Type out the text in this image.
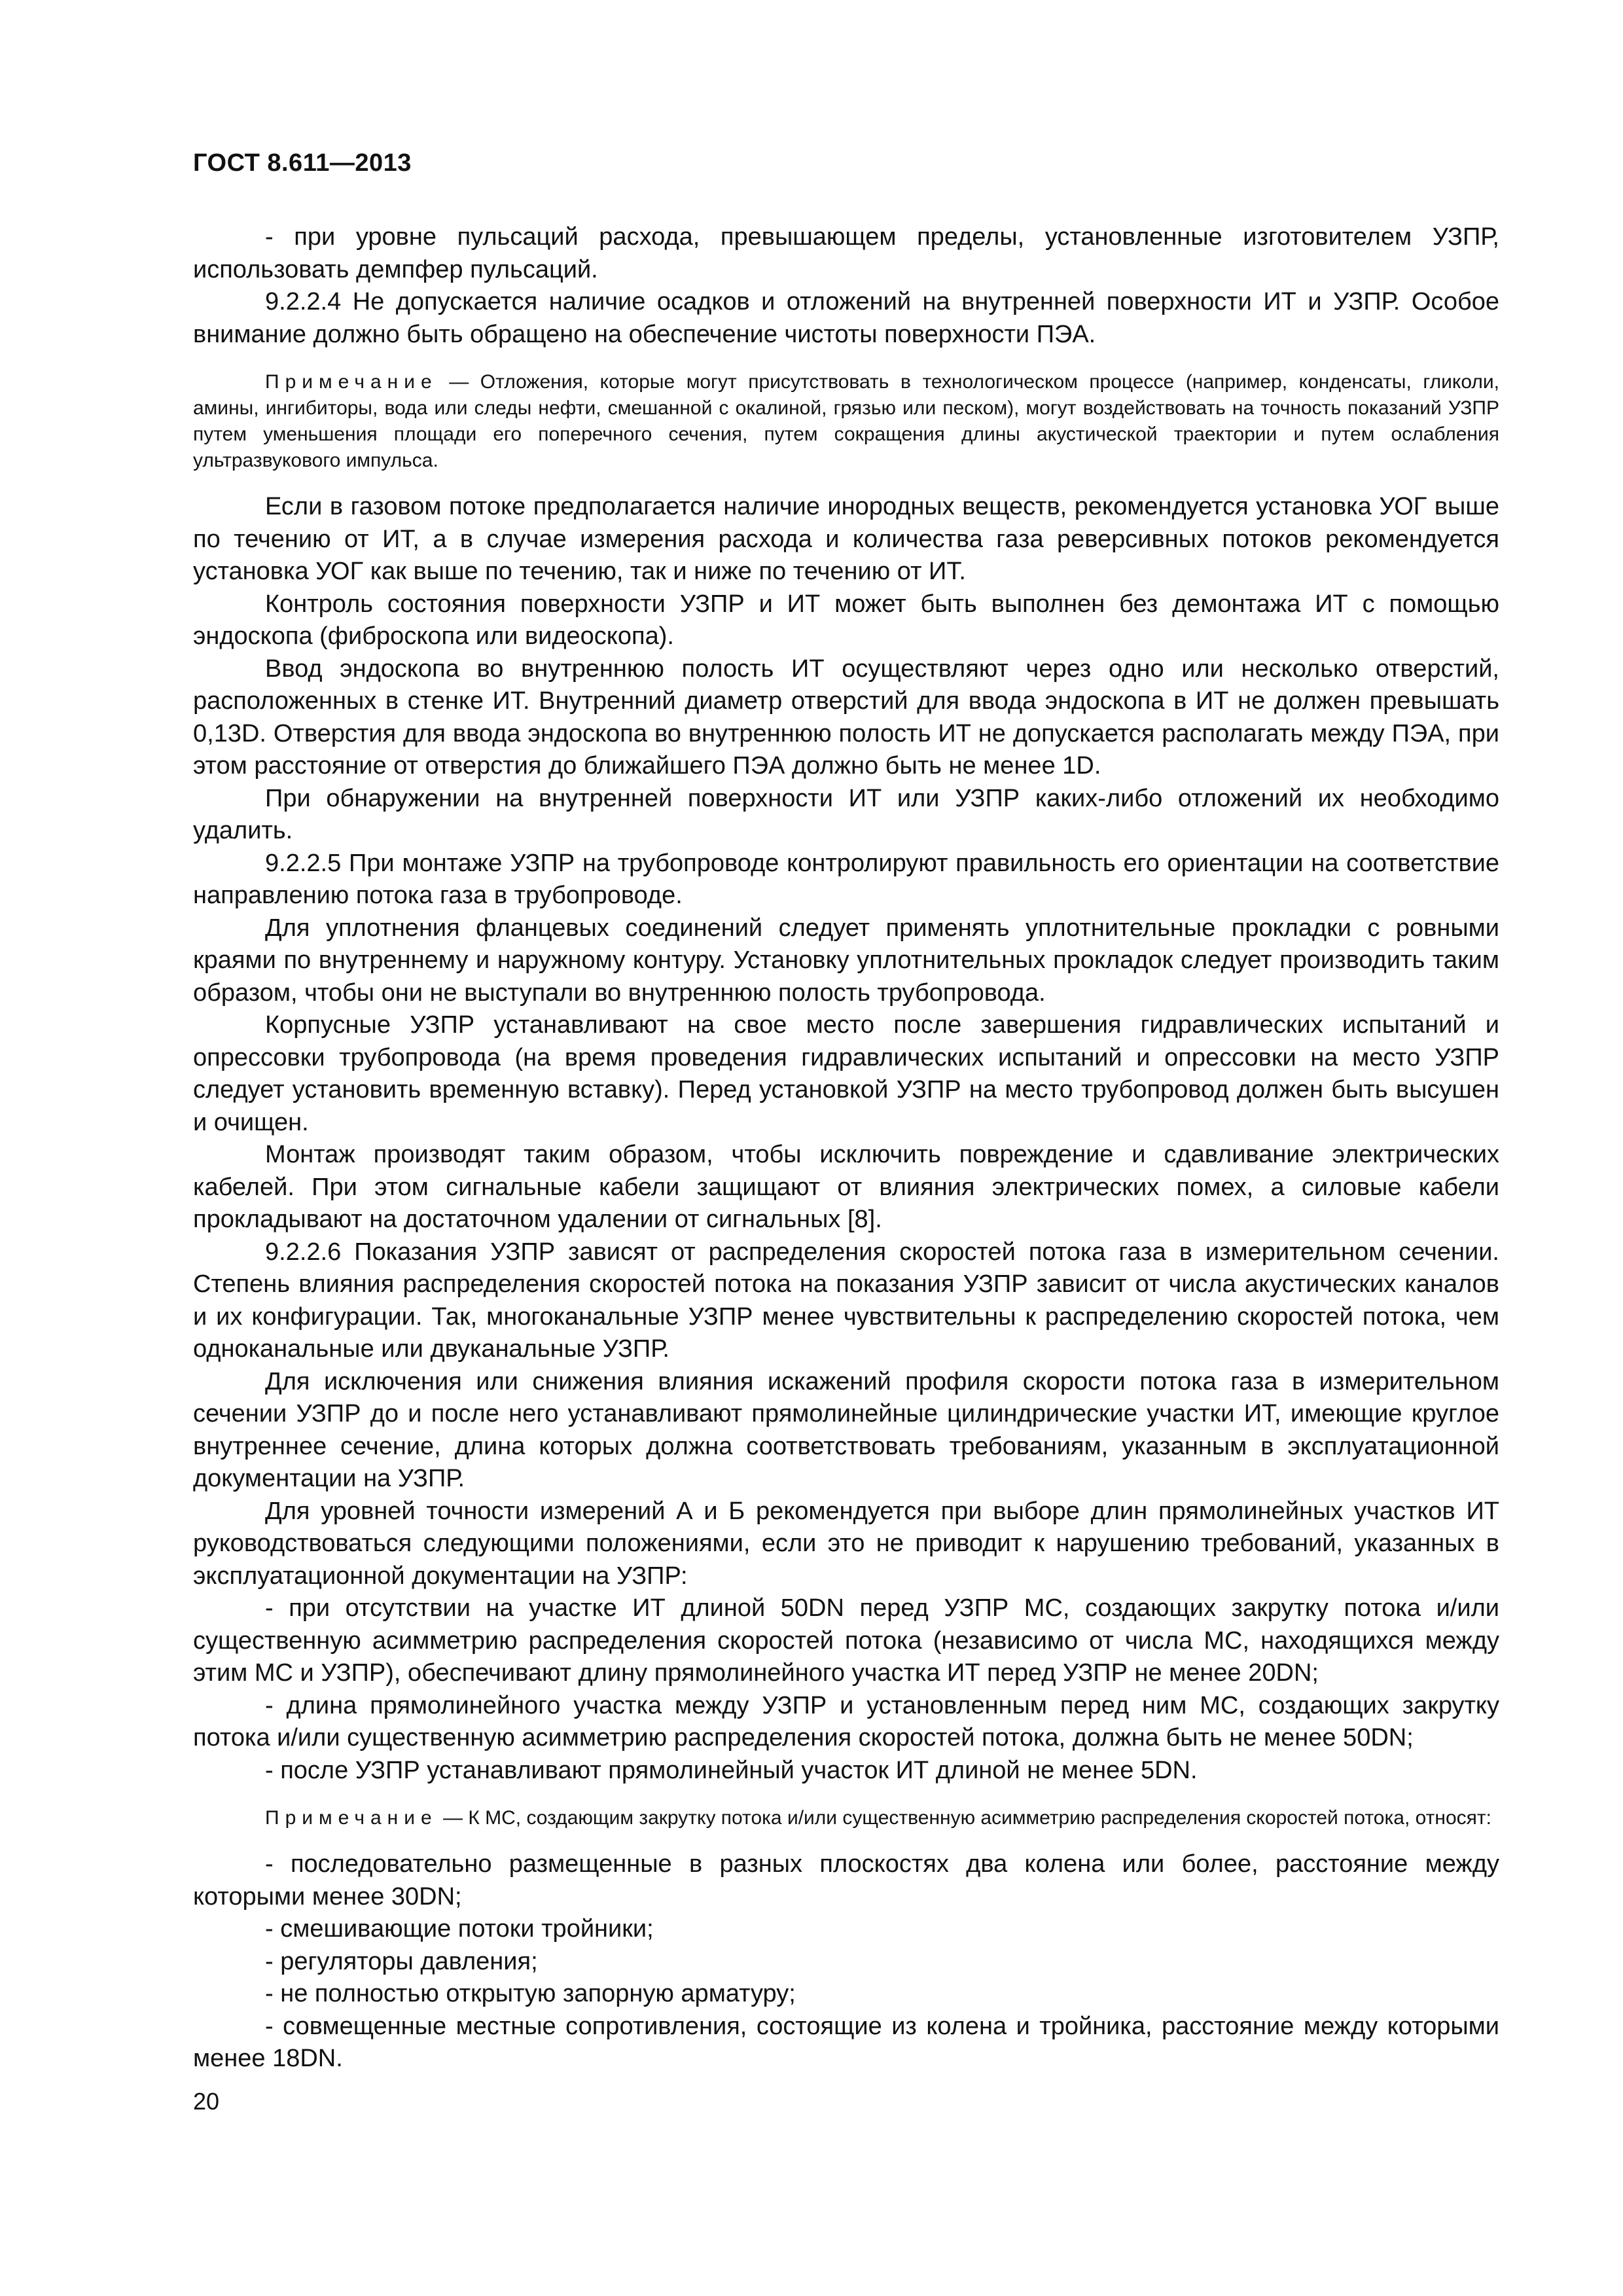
ГОСТ 8.611—2013

- при уровне пульсаций расхода, превышающем пределы, установленные изготовителем УЗПР, использовать демпфер пульсаций.

9.2.2.4 Не допускается наличие осадков и отложений на внутренней поверхности ИТ и УЗПР. Особое внимание должно быть обращено на обеспечение чистоты поверхности ПЭА.

Примечание — Отложения, которые могут присутствовать в технологическом процессе (например, конденсаты, гликоли, амины, ингибиторы, вода или следы нефти, смешанной с окалиной, грязью или песком), могут воздействовать на точность показаний УЗПР путем уменьшения площади его поперечного сечения, путем сокращения длины акустической траектории и путем ослабления ультразвукового импульса.

Если в газовом потоке предполагается наличие инородных веществ, рекомендуется установка УОГ выше по течению от ИТ, а в случае измерения расхода и количества газа реверсивных потоков рекомендуется установка УОГ как выше по течению, так и ниже по течению от ИТ.

Контроль состояния поверхности УЗПР и ИТ может быть выполнен без демонтажа ИТ с помощью эндоскопа (фиброскопа или видеоскопа).

Ввод эндоскопа во внутреннюю полость ИТ осуществляют через одно или несколько отверстий, расположенных в стенке ИТ. Внутренний диаметр отверстий для ввода эндоскопа в ИТ не должен превышать 0,13D. Отверстия для ввода эндоскопа во внутреннюю полость ИТ не допускается располагать между ПЭА, при этом расстояние от отверстия до ближайшего ПЭА должно быть не менее 1D.

При обнаружении на внутренней поверхности ИТ или УЗПР каких-либо отложений их необходимо удалить.

9.2.2.5 При монтаже УЗПР на трубопроводе контролируют правильность его ориентации на соответствие направлению потока газа в трубопроводе.

Для уплотнения фланцевых соединений следует применять уплотнительные прокладки с ровными краями по внутреннему и наружному контуру. Установку уплотнительных прокладок следует производить таким образом, чтобы они не выступали во внутреннюю полость трубопровода.

Корпусные УЗПР устанавливают на свое место после завершения гидравлических испытаний и опрессовки трубопровода (на время проведения гидравлических испытаний и опрессовки на место УЗПР следует установить временную вставку). Перед установкой УЗПР на место трубопровод должен быть высушен и очищен.

Монтаж производят таким образом, чтобы исключить повреждение и сдавливание электрических кабелей. При этом сигнальные кабели защищают от влияния электрических помех, а силовые кабели прокладывают на достаточном удалении от сигнальных [8].

9.2.2.6 Показания УЗПР зависят от распределения скоростей потока газа в измерительном сечении. Степень влияния распределения скоростей потока на показания УЗПР зависит от числа акустических каналов и их конфигурации. Так, многоканальные УЗПР менее чувствительны к распределению скоростей потока, чем одноканальные или двуканальные УЗПР.

Для исключения или снижения влияния искажений профиля скорости потока газа в измерительном сечении УЗПР до и после него устанавливают прямолинейные цилиндрические участки ИТ, имеющие круглое внутреннее сечение, длина которых должна соответствовать требованиям, указанным в эксплуатационной документации на УЗПР.

Для уровней точности измерений А и Б рекомендуется при выборе длин прямолинейных участков ИТ руководствоваться следующими положениями, если это не приводит к нарушению требований, указанных в эксплуатационной документации на УЗПР:

- при отсутствии на участке ИТ длиной 50DN перед УЗПР МС, создающих закрутку потока и/или существенную асимметрию распределения скоростей потока (независимо от числа МС, находящихся между этим МС и УЗПР), обеспечивают длину прямолинейного участка ИТ перед УЗПР не менее 20DN;

- длина прямолинейного участка между УЗПР и установленным перед ним МС, создающих закрутку потока и/или существенную асимметрию распределения скоростей потока, должна быть не менее 50DN;

- после УЗПР устанавливают прямолинейный участок ИТ длиной не менее 5DN.

Примечание — К МС, создающим закрутку потока и/или существенную асимметрию распределения скоростей потока, относят:

- последовательно размещенные в разных плоскостях два колена или более, расстояние между которыми менее 30DN;

- смешивающие потоки тройники;

- регуляторы давления;

- не полностью открытую запорную арматуру;

- совмещенные местные сопротивления, состоящие из колена и тройника, расстояние между которыми менее 18DN.

20
